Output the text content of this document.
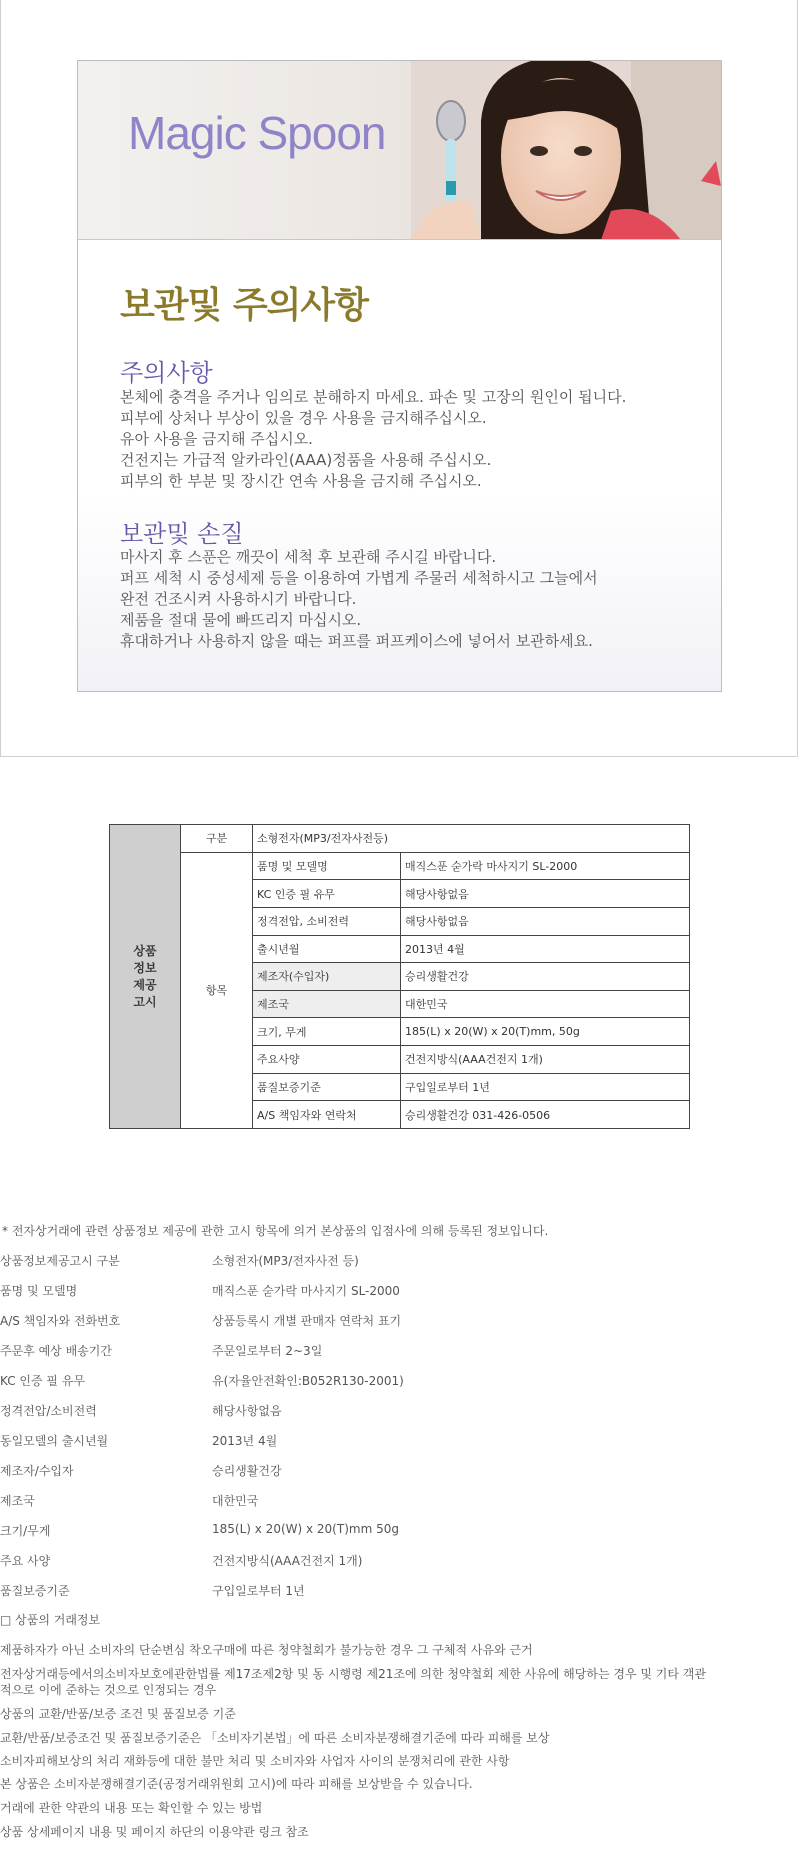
Magic Spoon
보관및 주의사항
주의사항
본체에 충격을 주거나 임의로 분해하지 마세요. 파손 및 고장의 원인이 됩니다.
피부에 상처나 부상이 있을 경우 사용을 금지해주십시오.
유아 사용을 금지해 주십시오.
건전지는 가급적 알카라인(AAA)정품을 사용해 주십시오.
피부의 한 부분 및 장시간 연속 사용을 금지해 주십시오.
보관및 손질
마사지 후 스푼은 깨끗이 세척 후 보관해 주시길 바랍니다.
퍼프 세척 시 중성세제 등을 이용하여 가볍게 주물러 세척하시고 그늘에서
완전 건조시켜 사용하시기 바랍니다.
제품을 절대 물에 빠뜨리지 마십시오.
휴대하거나 사용하지 않을 때는 퍼프를 퍼프케이스에 넣어서 보관하세요.
상품
정보
제공
고시	구분	소형전자(MP3/전자사전등)	
	항목	품명 및 모델명	매직스푼 숟가락 마사지기 SL-2000
		KC 인증 필 유무	해당사항없음
		정격전압, 소비전력	해당사항없음
		출시년월	2013년 4월
		제조자(수입자)	승리생활건강
		제조국	대한민국
		크기, 무게	185(L) x 20(W) x 20(T)mm, 50g
		주요사양	건전지방식(AAA건전지 1개)
		품질보증기준	구입일로부터 1년
		A/S 책임자와 연락처	승리생활건강 031-426-0506
* 전자상거래에 관련 상품정보 제공에 관한 고시 항목에 의거 본상품의 입점사에 의해 등록된 정보입니다.
상품정보제공고시 구분	소형전자(MP3/전자사전 등)
품명 및 모델명	매직스푼 숟가락 마사지기 SL-2000
A/S 책임자와 전화번호	상품등록시 개별 판매자 연락처 표기
주문후 예상 배송기간	주문일로부터 2~3일
KC 인증 필 유무	유(자율안전확인:B052R130-2001)
정격전압/소비전력	해당사항없음
동일모델의 출시년월	2013년 4월
제조자/수입자	승리생활건강
제조국	대한민국
크기/무게	185(L) x 20(W) x 20(T)mm 50g
주요 사양	건전지방식(AAA건전지 1개)
품질보증기준	구입일로부터 1년
□ 상품의 거래정보
제품하자가 아닌 소비자의 단순변심 착오구매에 따른 청약철회가 불가능한 경우 그 구체적 사유와 근거
전자상거래등에서의소비자보호에관한법률 제17조제2항 및 동 시행령 제21조에 의한 청약철회 제한 사유에 해당하는 경우 및 기타 객관
적으로 이에 준하는 것으로 인정되는 경우
상품의 교환/반품/보증 조건 및 품질보증 기준
교환/반품/보증조건 및 품질보증기준은 「소비자기본법」에 따른 소비자분쟁해결기준에 따라 피해를 보상
소비자피해보상의 처리 재화등에 대한 불만 처리 및 소비자와 사업자 사이의 분쟁처리에 관한 사항
본 상품은 소비자분쟁해결기준(공정거래위원회 고시)에 따라 피해를 보상받을 수 있습니다.
거래에 관한 약관의 내용 또는 확인할 수 있는 방법
상품 상세페이지 내용 및 페이지 하단의 이용약관 링크 참조
